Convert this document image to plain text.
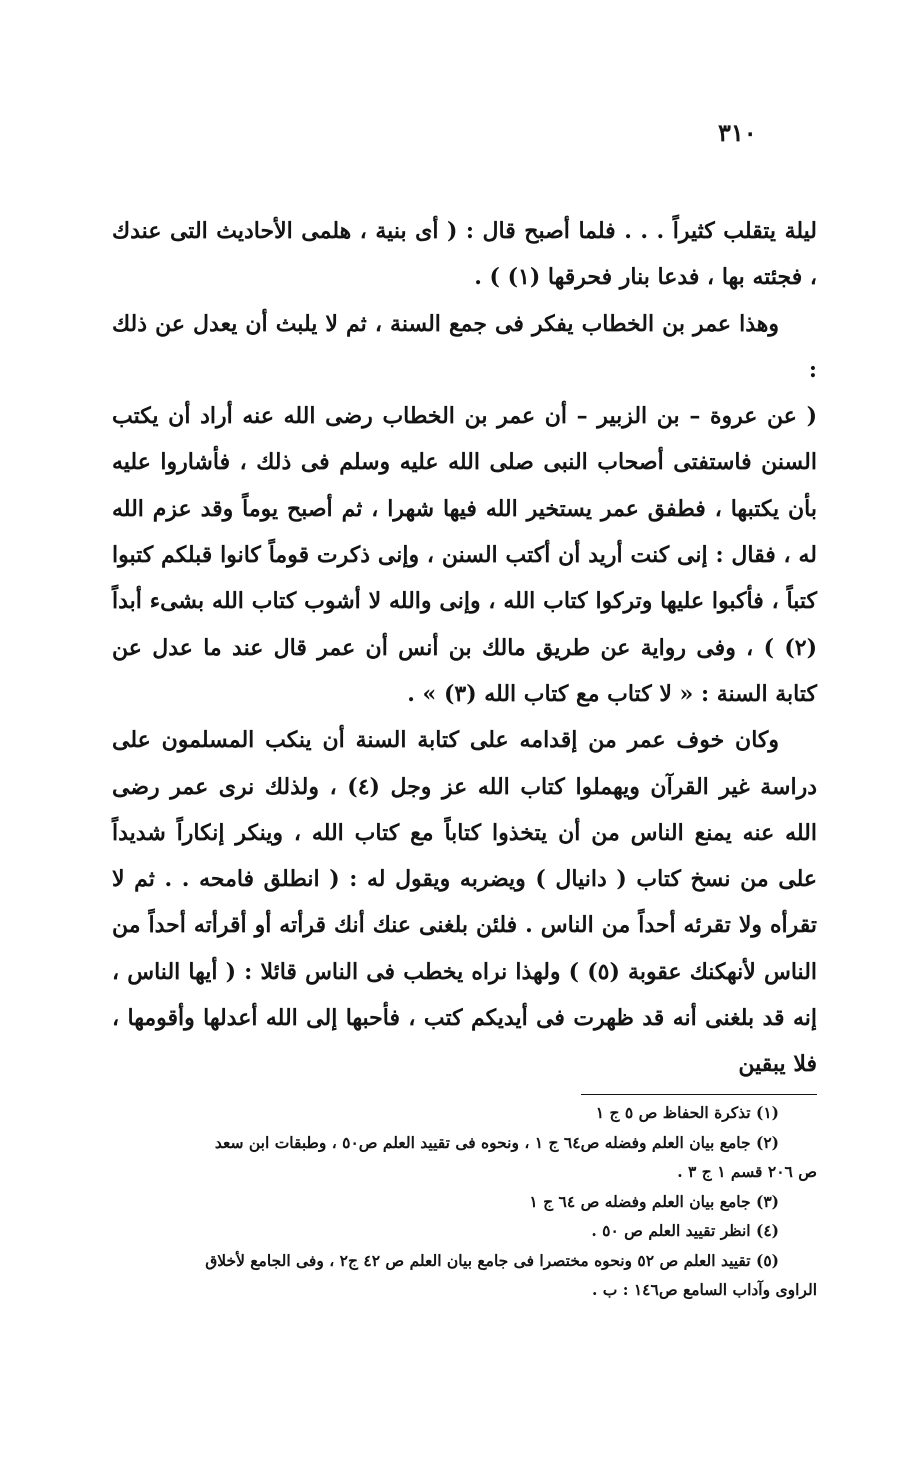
٣١٠

ليلة يتقلب كثيراً . . . فلما أصبح قال : ( أى بنية ، هلمى الأحاديث التى عندك ، فجئته بها ، فدعا بنار فحرقها (١) ) .

وهذا عمر بن الخطاب يفكر فى جمع السنة ، ثم لا يلبث أن يعدل عن ذلك :

( عن عروة – بن الزبير – أن عمر بن الخطاب رضى الله عنه أراد أن يكتب السنن فاستفتى أصحاب النبى صلى الله عليه وسلم فى ذلك ، فأشاروا عليه بأن يكتبها ، فطفق عمر يستخير الله فيها شهرا ، ثم أصبح يوماً وقد عزم الله له ، فقال : إنى كنت أريد أن أكتب السنن ، وإنى ذكرت قوماً كانوا قبلكم كتبوا كتباً ، فأكبوا عليها وتركوا كتاب الله ، وإنى والله لا أشوب كتاب الله بشىء أبداً (٢) ) ، وفى رواية عن طريق مالك بن أنس أن عمر قال عند ما عدل عن كتابة السنة : « لا كتاب مع كتاب الله (٣) » .

وكان خوف عمر من إقدامه على كتابة السنة أن ينكب المسلمون على دراسة غير القرآن ويهملوا كتاب الله عز وجل (٤) ، ولذلك نرى عمر رضى الله عنه يمنع الناس من أن يتخذوا كتاباً مع كتاب الله ، وينكر إنكاراً شديداً على من نسخ كتاب ( دانيال ) ويضربه ويقول له : ( انطلق فامحه . . ثم لا تقرأه ولا تقرئه أحداً من الناس . فلئن بلغنى عنك أنك قرأته أو أقرأته أحداً من الناس لأنهكنك عقوبة (٥) ) ولهذا نراه يخطب فى الناس قائلا : ( أيها الناس ، إنه قد بلغنى أنه قد ظهرت فى أيديكم كتب ، فأحبها إلى الله أعدلها وأقومها ، فلا يبقين

(١) تذكرة الحفاظ ص ٥ ج ١
(٢) جامع بيان العلم وفضله ص٦٤ ج ١ ، ونحوه فى تقييد العلم ص٥٠ ، وطبقات ابن سعد
ص ٢٠٦ قسم ١ ج ٣ .
(٣) جامع بيان العلم وفضله ص ٦٤ ج ١
(٤) انظر تقييد العلم ص ٥٠ .
(٥) تقييد العلم ص ٥٢ ونحوه مختصرا فى جامع بيان العلم ص ٤٢ ج٢ ، وفى الجامع لأخلاق
الراوى وآداب السامع ص١٤٦ : ب .
